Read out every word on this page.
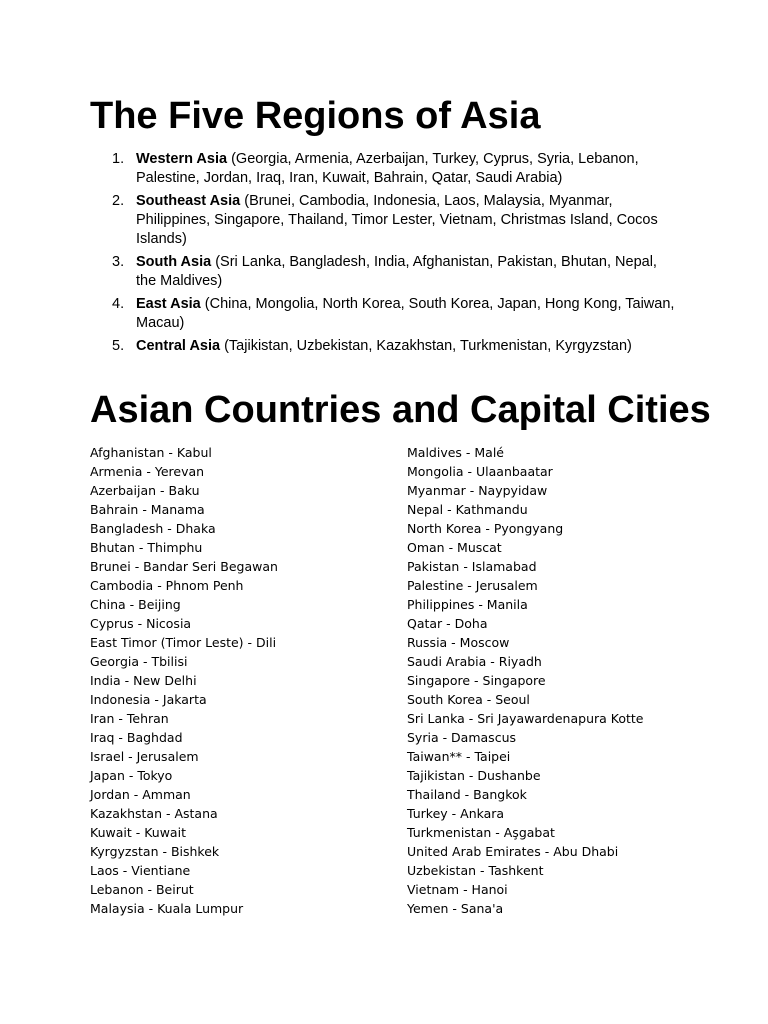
The Five Regions of Asia
1. Western Asia (Georgia, Armenia, Azerbaijan, Turkey, Cyprus, Syria, Lebanon, Palestine, Jordan, Iraq, Iran, Kuwait, Bahrain, Qatar, Saudi Arabia)
2. Southeast Asia (Brunei, Cambodia, Indonesia, Laos, Malaysia, Myanmar, Philippines, Singapore, Thailand, Timor Lester, Vietnam, Christmas Island, Cocos Islands)
3. South Asia (Sri Lanka, Bangladesh, India, Afghanistan, Pakistan, Bhutan, Nepal, the Maldives)
4. East Asia (China, Mongolia, North Korea, South Korea, Japan, Hong Kong, Taiwan, Macau)
5. Central Asia (Tajikistan, Uzbekistan, Kazakhstan, Turkmenistan, Kyrgyzstan)
Asian Countries and Capital Cities
Afghanistan - Kabul
Armenia - Yerevan
Azerbaijan - Baku
Bahrain - Manama
Bangladesh - Dhaka
Bhutan - Thimphu
Brunei - Bandar Seri Begawan
Cambodia - Phnom Penh
China - Beijing
Cyprus - Nicosia
East Timor (Timor Leste) - Dili
Georgia - Tbilisi
India - New Delhi
Indonesia - Jakarta
Iran - Tehran
Iraq - Baghdad
Israel - Jerusalem
Japan - Tokyo
Jordan - Amman
Kazakhstan - Astana
Kuwait - Kuwait
Kyrgyzstan - Bishkek
Laos - Vientiane
Lebanon - Beirut
Malaysia - Kuala Lumpur
Maldives - Malé
Mongolia - Ulaanbaatar
Myanmar - Naypyidaw
Nepal - Kathmandu
North Korea - Pyongyang
Oman - Muscat
Pakistan - Islamabad
Palestine - Jerusalem
Philippines - Manila
Qatar - Doha
Russia - Moscow
Saudi Arabia - Riyadh
Singapore - Singapore
South Korea - Seoul
Sri Lanka - Sri Jayawardenapura Kotte
Syria - Damascus
Taiwan** - Taipei
Tajikistan - Dushanbe
Thailand - Bangkok
Turkey - Ankara
Turkmenistan - Aşgabat
United Arab Emirates - Abu Dhabi
Uzbekistan - Tashkent
Vietnam - Hanoi
Yemen - Sana'a
